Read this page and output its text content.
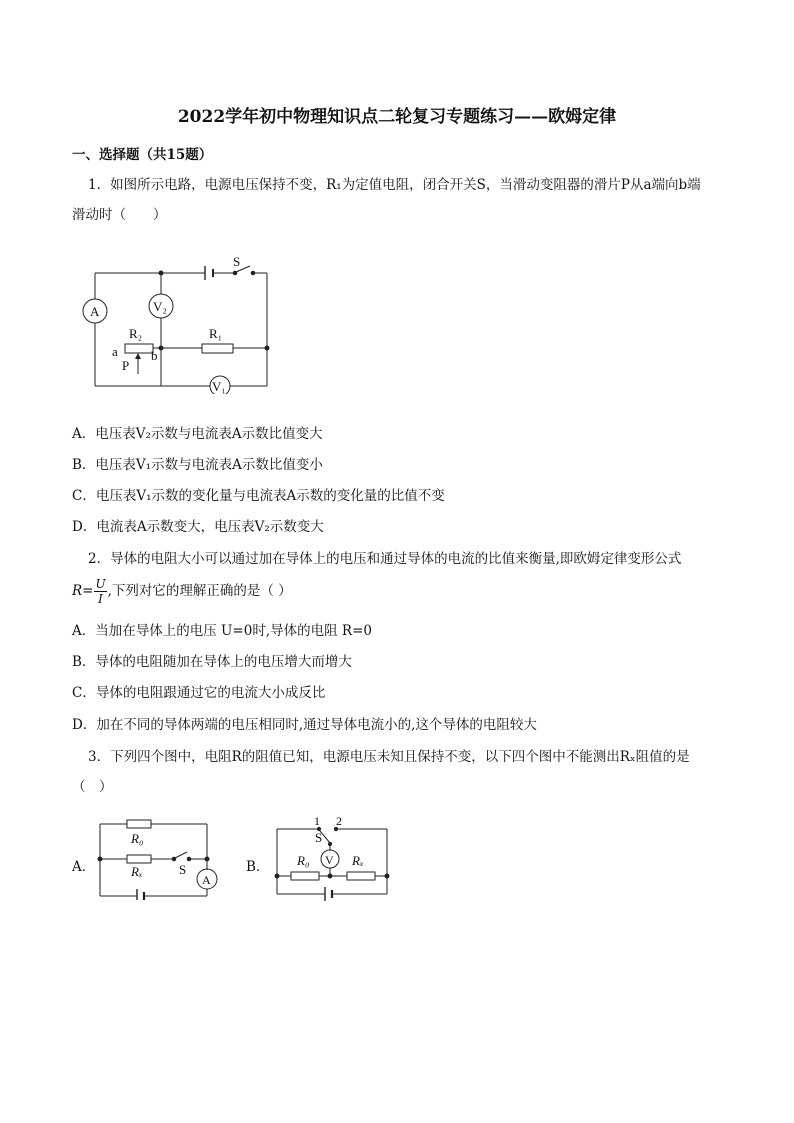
2022学年初中物理知识点二轮复习专题练习——欧姆定律
一、选择题（共15题）
1．如图所示电路，电源电压保持不变，R₁为定值电阻，闭合开关S，当滑动变阻器的滑片P从a端向b端
滑动时（　　）
S
A	V₂
V₁
R₂	R₁
a	b
P
A．电压表V₂示数与电流表A示数比值变大
B．电压表V₁示数与电流表A示数比值变小
C．电压表V₁示数的变化量与电流表A示数的变化量的比值不变
D．电流表A示数变大，电压表V₂示数变大
2．导体的电阻大小可以通过加在导体上的电压和通过导体的电流的比值来衡量,即欧姆定律变形公式
$R= \frac{U}{I}$ ,下列对它的理解正确的是（ ）
A．当加在导体上的电压 U=0时,导体的电阻 R=0
B．导体的电阻随加在导体上的电压增大而增大
C．导体的电阻跟通过它的电流大小成反比
D．加在不同的导体两端的电压相同时,通过导体电流小的,这个导体的电阻较大
3．下列四个图中，电阻R的阻值已知，电源电压未知且保持不变，以下四个图中不能测出Rₓ阻值的是
（　）
A．
R₀
Rₓ	S
A
B．
1 2
S
V
R₀	Rₓ
